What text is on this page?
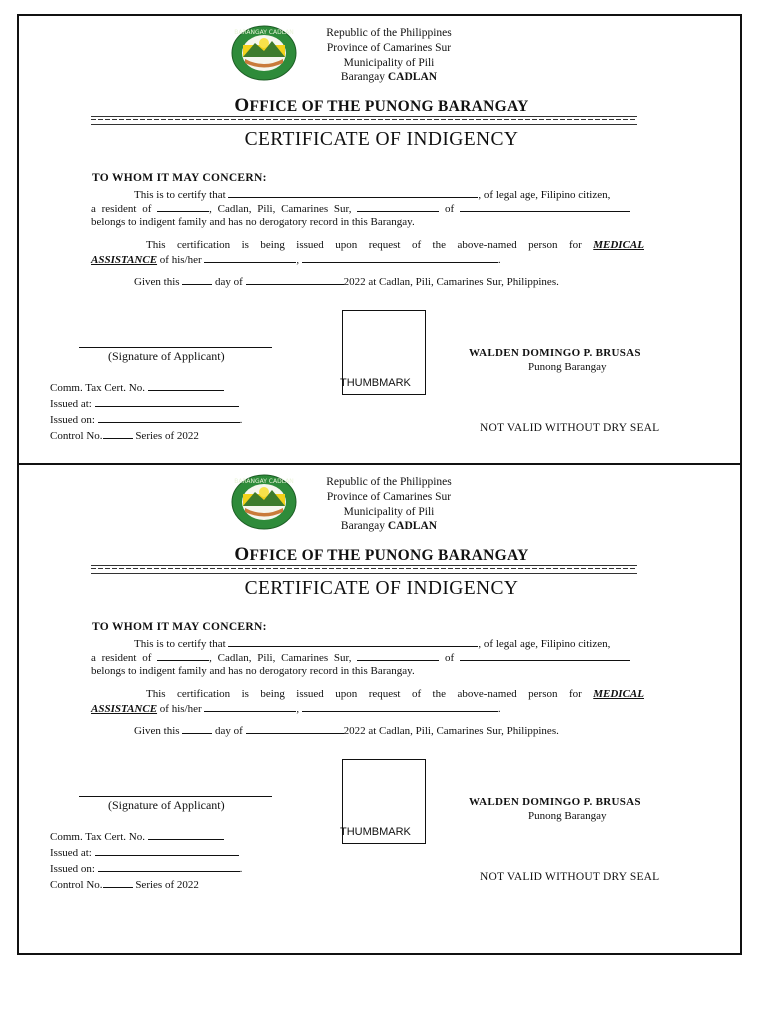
BARANGAY CADLAN	Republic of the Philippines
Province of Camarines Sur
Municipality of Pili
Barangay CADLAN
OFFICE OF THE PUNONG BARANGAY
CERTIFICATE OF INDIGENCY
TO WHOM IT MAY CONCERN:
This is to certify that	, of legal age, Filipino citizen,
a resident of	, Cadlan, Pili, Camarines Sur,	of
belongs to indigent family and has no derogatory record in this Barangay.
This certification is being issued upon request of the above-named person for MEDICAL
ASSISTANCE of his/her	,	.
Given this	day of	2022 at Cadlan, Pili, Camarines Sur, Philippines.
(Signature of Applicant)
THUMBMARK
WALDEN DOMINGO P. BRUSAS
Punong Barangay
Comm. Tax Cert. No.
Issued at:
Issued on:	.
Control No.	Series of 2022
NOT VALID WITHOUT DRY SEAL
BARANGAY CADLAN	Republic of the Philippines
Province of Camarines Sur
Municipality of Pili
Barangay CADLAN
OFFICE OF THE PUNONG BARANGAY
CERTIFICATE OF INDIGENCY
TO WHOM IT MAY CONCERN:
This is to certify that	, of legal age, Filipino citizen,
a resident of	, Cadlan, Pili, Camarines Sur,	of
belongs to indigent family and has no derogatory record in this Barangay.
This certification is being issued upon request of the above-named person for MEDICAL
ASSISTANCE of his/her	,	.
Given this	day of	2022 at Cadlan, Pili, Camarines Sur, Philippines.
(Signature of Applicant)
THUMBMARK
WALDEN DOMINGO P. BRUSAS
Punong Barangay
Comm. Tax Cert. No.
Issued at:
Issued on:	.
Control No.	Series of 2022
NOT VALID WITHOUT DRY SEAL
